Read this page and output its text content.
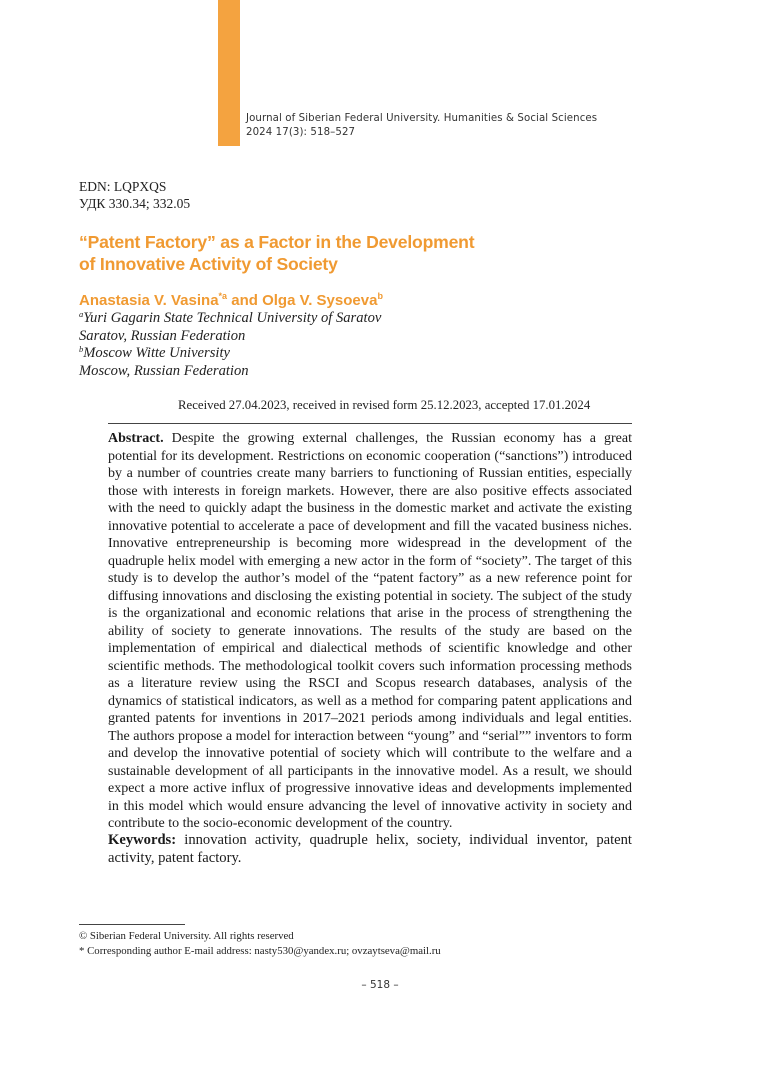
Journal of Siberian Federal University. Humanities & Social Sciences
2024 17(3): 518–527
EDN: LQPXQS
УДК 330.34; 332.05
“Patent Factory” as a Factor in the Development
of Innovative Activity of Society
Anastasia V. Vasina$^{*a}$ and Olga V. Sysoeva$^b$
$^a$Yuri Gagarin State Technical University of Saratov
Saratov, Russian Federation
$^b$Moscow Witte University
Moscow, Russian Federation
Received 27.04.2023, received in revised form 25.12.2023, accepted 17.01.2024
Abstract. Despite the growing external challenges, the Russian economy has a great potential for its development. Restrictions on economic cooperation (“sanctions”) introduced by a number of countries create many barriers to functioning of Russian entities, especially those with interests in foreign markets. However, there are also positive effects associated with the need to quickly adapt the business in the domestic market and activate the existing innovative potential to accelerate a pace of development and fill the vacated business niches. Innovative entrepreneurship is becoming more widespread in the development of the quadruple helix model with emerging a new actor in the form of “society”. The target of this study is to develop the author’s model of the “patent factory” as a new reference point for diffusing innovations and disclosing the existing potential in society. The subject of the study is the organizational and economic relations that arise in the process of strengthening the ability of society to generate innovations. The results of the study are based on the implementation of empirical and dialectical methods of scientific knowledge and other scientific methods. The methodological toolkit covers such information processing methods as a literature review using the RSCI and Scopus research databases, analysis of the dynamics of statistical indicators, as well as a method for comparing patent applications and granted patents for inventions in 2017–2021 periods among individuals and legal entities. The authors propose a model for interaction between “young” and “serial”” inventors to form and develop the innovative potential of society which will contribute to the welfare and a sustainable development of all participants in the innovative model. As a result, we should expect a more active influx of progressive innovative ideas and developments implemented in this model which would ensure advancing the level of innovative activity in society and contribute to the socio-economic development of the country.
Keywords: innovation activity, quadruple helix, society, individual inventor, patent activity, patent factory.
© Siberian Federal University. All rights reserved
* Corresponding author E-mail address: nasty530@yandex.ru; ovzaytseva@mail.ru
– 518 –
